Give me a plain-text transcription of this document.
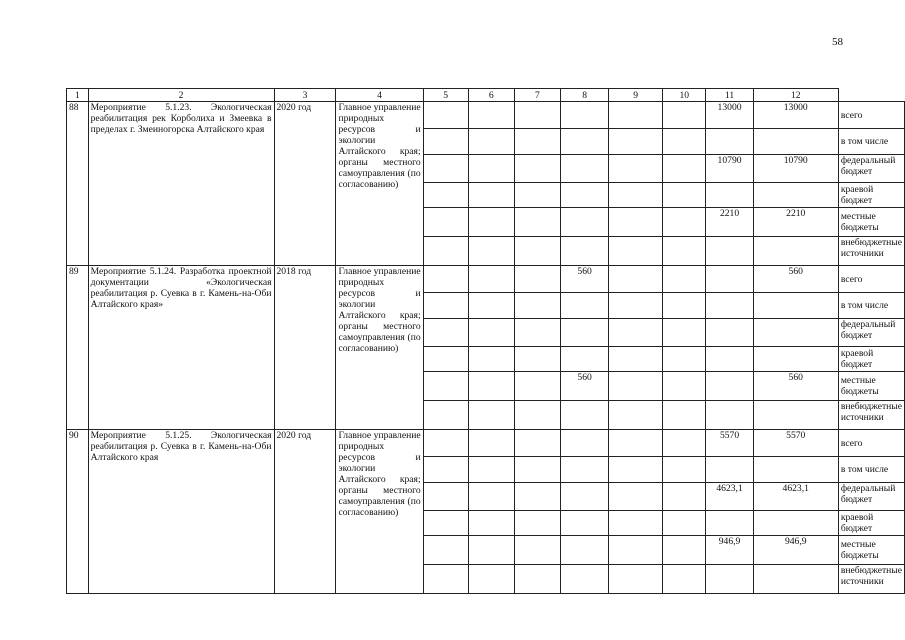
58
1	2	3	4	5	6	7	8	9	10	11	12	
88	Мероприятие 5.1.23. Экологическая реабилитация рек Корболиха и Змеевка в пределах г. Змеиногорска Алтайского края	2020 год	Главное управление природных ресурсов и экологии Алтайского края; органы местного самоуправления (по согласованию)							13000	13000	всего
												в том числе
										10790	10790	федеральный бюджет
												краевой бюджет
										2210	2210	местные бюджеты
												внебюджетные источники
89	Мероприятие 5.1.24. Разработка проектной документации «Экологическая реабилитация р. Суевка в г. Камень-на-Оби Алтайского края»	2018 год	Главное управление природных ресурсов и экологии Алтайского края; органы местного самоуправления (по согласованию)				560				560	всего
												в том числе
												федеральный бюджет
												краевой бюджет
							560				560	местные бюджеты
												внебюджетные источники
90	Мероприятие 5.1.25. Экологическая реабилитация р. Суевка в г. Камень-на-Оби Алтайского края	2020 год	Главное управление природных ресурсов и экологии Алтайского края; органы местного самоуправления (по согласованию)							5570	5570	всего
												в том числе
										4623,1	4623,1	федеральный бюджет
												краевой бюджет
										946,9	946,9	местные бюджеты
												внебюджетные источники
